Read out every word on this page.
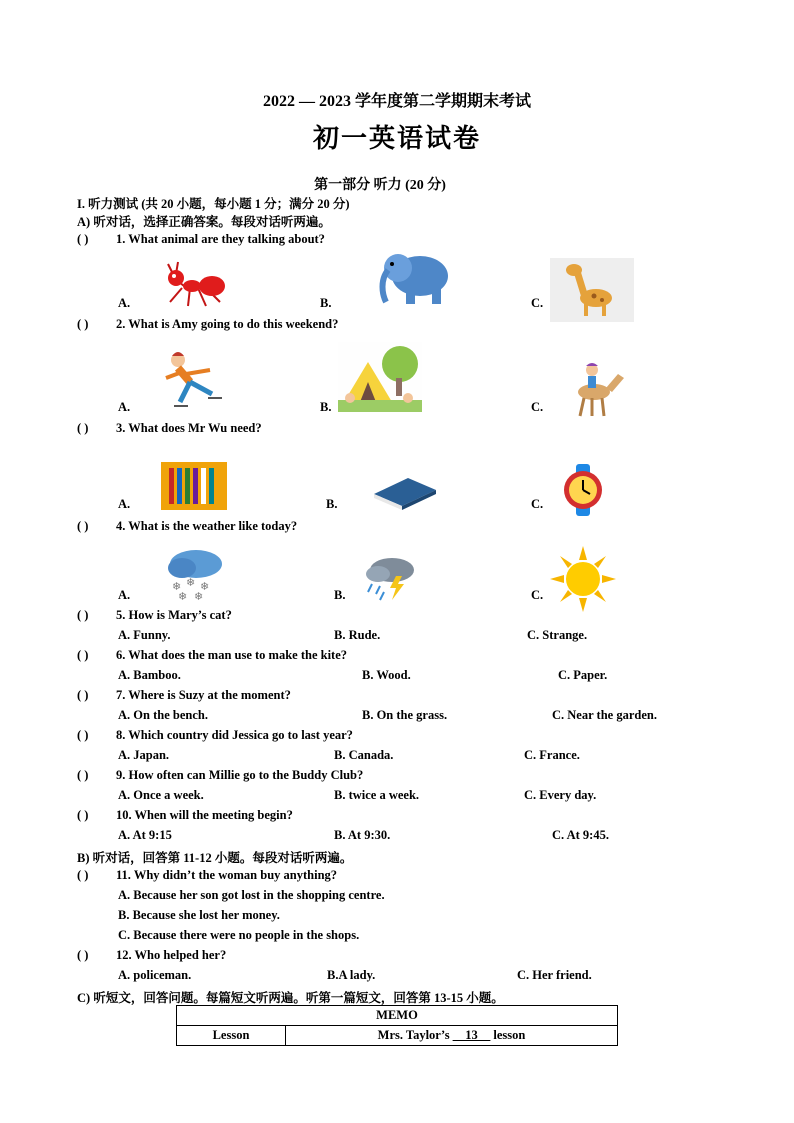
2022 — 2023 学年度第二学期期末考试
初一英语试卷
第一部分 听力 (20 分)
I. 听力测试 (共 20 小题，每小题 1 分；满分 20 分)
A) 听对话，选择正确答案。每段对话听两遍。
( ) 1. What animal are they talking about?
A.	B.	C.
( ) 2. What is Amy going to do this weekend?
A.	B.	C.
( ) 3. What does Mr Wu need?
A.	B.	C.
( ) 4. What is the weather like today?
A.	B.	C.
❄ ❄ ❄
❄ ❄
( ) 5. How is Mary’s cat?
A. Funny.	B. Rude.	C. Strange.
( ) 6. What does the man use to make the kite?
A. Bamboo.	B. Wood.	C. Paper.
( ) 7. Where is Suzy at the moment?
A. On the bench.	B. On the grass.	C. Near the garden.
( ) 8. Which country did Jessica go to last year?
A. Japan.	B. Canada.	C. France.
( ) 9. How often can Millie go to the Buddy Club?
A. Once a week.	B. twice a week.	C. Every day.
( ) 10. When will the meeting begin?
A. At 9:15	B. At 9:30.	C. At 9:45.
B) 听对话，回答第 11-12 小题。每段对话听两遍。
( ) 11. Why didn’t the woman buy anything?
A. Because her son got lost in the shopping centre.
B. Because she lost her money.
C. Because there were no people in the shops.
( ) 12. Who helped her?
A. policeman.	B.A lady.	C. Her friend.
C) 听短文，回答问题。每篇短文听两遍。听第一篇短文，回答第 13-15 小题。
MEMO
Lesson	Mrs. Taylor’s __13__ lesson
